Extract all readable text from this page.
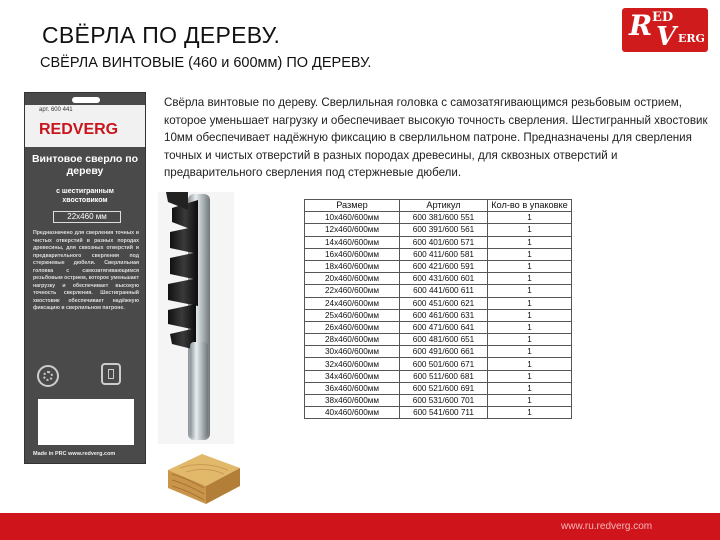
СВЁРЛА ПО ДЕРЕВУ.
СВЁРЛА ВИНТОВЫЕ (460 и 600мм) ПО ДЕРЕВУ.
R ED
V ERG
арт. 600 441
REDVERG
Винтовое сверло по дереву
с шестигранным хвостовиком
22х460 мм
Предназначено для сверления точных и чистых отверстий в разных породах древесины, для сквозных отверстий и предварительного сверления под стержневые дюбели. Сверлильная головка с самозатягивающимся резьбовым острием, которое уменьшает нагрузку и обеспечивает высокую точность сверления. Шестигранный хвостовик обеспечивает надёжную фиксацию в сверлильном патроне.
Made in PRC www.redverg.com
Свёрла винтовые по дереву. Сверлильная головка с самозатягивающимся резьбовым острием, которое уменьшает нагрузку и обеспечивает высокую точность сверления. Шестигранный хвостовик 10мм обеспечивает надёжную фиксацию в сверлильном патроне. Предназначены для сверления точных и чистых отверстий в разных породах древесины, для сквозных отверстий и предварительного сверления под стержневые дюбели.
Размер	Артикул	Кол-во в упаковке
10х460/600мм	600 381/600 551	1
12х460/600мм	600 391/600 561	1
14х460/600мм	600 401/600 571	1
16х460/600мм	600 411/600 581	1
18х460/600мм	600 421/600 591	1
20х460/600мм	600 431/600 601	1
22х460/600мм	600 441/600 611	1
24х460/600мм	600 451/600 621	1
25х460/600мм	600 461/600 631	1
26х460/600мм	600 471/600 641	1
28х460/600мм	600 481/600 651	1
30х460/600мм	600 491/600 661	1
32х460/600мм	600 501/600 671	1
34х460/600мм	600 511/600 681	1
36х460/600мм	600 521/600 691	1
38х460/600мм	600 531/600 701	1
40х460/600мм	600 541/600 711	1
www.ru.redverg.com
